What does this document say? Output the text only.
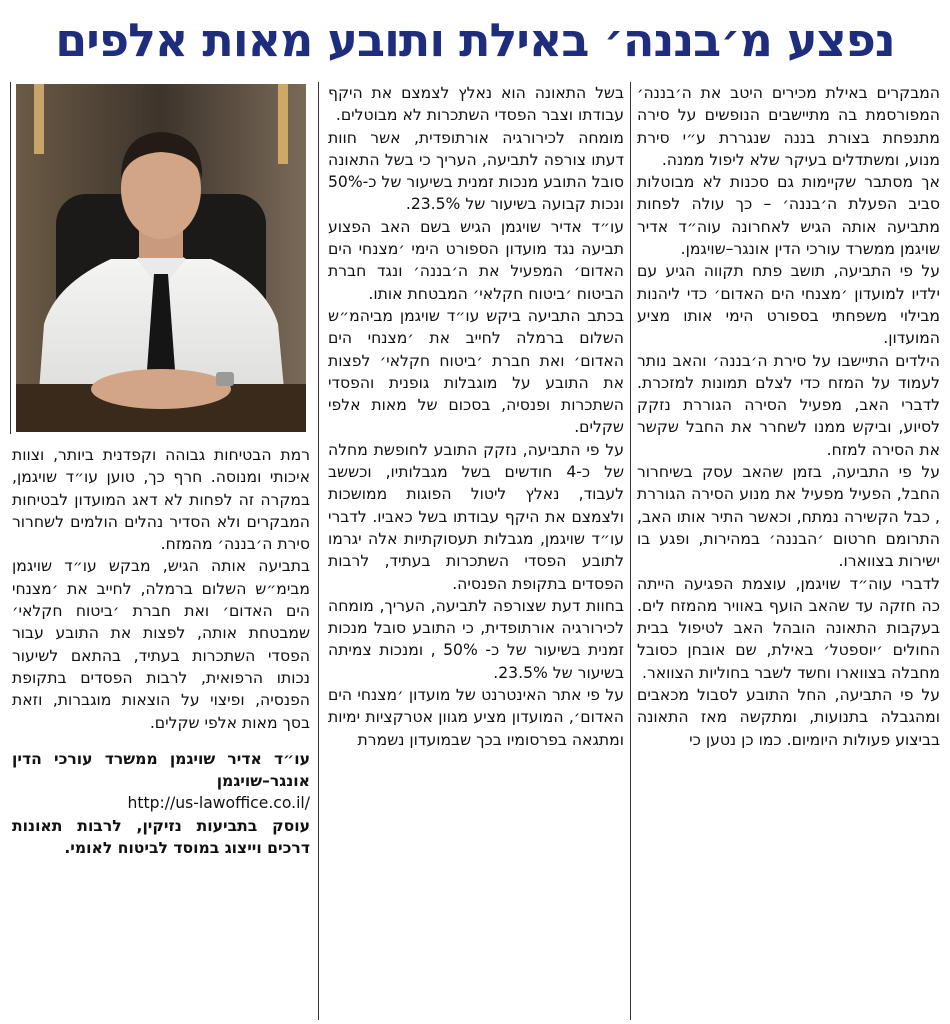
נפצע מ׳בננה׳ באילת ותובע מאות אלפים

המבקרים באילת מכירים היטב את ה׳בננה׳ המפורסמת בה מתיישבים הנופשים על סירה מתנפחת בצורת בננה שנגררת ע״י סירת מנוע, ומשתדלים בעיקר שלא ליפול ממנה.

אך מסתבר שקיימות גם סכנות לא מבוטלות סביב הפעלת ה׳בננה׳ – כך עולה לפחות מתביעה אותה הגיש לאחרונה עוה״ד אדיר שויגמן ממשרד עורכי הדין אונגר–שויגמן.

על פי התביעה, תושב פתח תקווה הגיע עם ילדיו למועדון ׳מצנחי הים האדום׳ כדי ליהנות מבילוי משפחתי בספורט הימי אותו מציע המועדון.

הילדים התיישבו על סירת ה׳בננה׳ והאב נותר לעמוד על המזח כדי לצלם תמונות למזכרת. לדברי האב, מפעיל הסירה הגוררת נזקק לסיוע, וביקש ממנו לשחרר את החבל שקשר את הסירה למזח.

על פי התביעה, בזמן שהאב עסק בשיחרור החבל, הפעיל מפעיל את מנוע הסירה הגוררת , כבל הקשירה נמתח, וכאשר התיר אותו האב, התרומם חרטום ׳הבננה׳ במהירות, ופגע בו ישירות בצווארו.

לדברי עוה״ד שויגמן, עוצמת הפגיעה הייתה כה חזקה עד שהאב הועף באוויר מהמזח לים. בעקבות התאונה הובהל האב לטיפול בבית החולים ׳יוספטל׳ באילת, שם אובחן כסובל מחבלה בצווארו וחשד לשבר בחוליות הצוואר.

על פי התביעה, החל התובע לסבול מכאבים ומהגבלה בתנועות, ומתקשה מאז התאונה בביצוע פעולות היומיום. כמו כן נטען כי

בשל התאונה הוא נאלץ לצמצם את היקף עבודתו וצבר הפסדי השתכרות לא מבוטלים.

מומחה לכירורגיה אורתופדית, אשר חוות דעתו צורפה לתביעה, העריך כי בשל התאונה סובל התובע מנכות זמנית בשיעור של כ-50% ונכות קבועה בשיעור של 23.5%.

עו״ד אדיר שויגמן הגיש בשם האב הפצוע תביעה נגד מועדון הספורט הימי ׳מצנחי הים האדום׳ המפעיל את ה׳בננה׳ ונגד חברת הביטוח ׳ביטוח חקלאי׳ המבטחת אותו.

בכתב התביעה ביקש עו״ד שויגמן מביהמ״ש השלום ברמלה לחייב את ׳מצנחי הים האדום׳ ואת חברת ׳ביטוח חקלאי׳ לפצות את התובע על מוגבלות גופנית והפסדי השתכרות ופנסיה, בסכום של מאות אלפי שקלים.

על פי התביעה, נזקק התובע לחופשת מחלה של כ-4 חודשים בשל מגבלותיו, וכששב לעבוד, נאלץ ליטול הפוגות ממושכות ולצמצם את היקף עבודתו בשל כאביו. לדברי עו״ד שויגמן, מגבלות תעסוקתיות אלה יגרמו לתובע הפסדי השתכרות בעתיד, לרבות הפסדים בתקופת הפנסיה.

בחוות דעת שצורפה לתביעה, העריך, מומחה לכירורגיה אורתופדית, כי התובע סובל מנכות זמנית בשיעור של כ- 50% , ומנכות צמיתה בשיעור של 23.5%.

על פי אתר האינטרנט של מועדון ׳מצנחי הים האדום׳, המועדון מציע מגוון אטרקציות ימיות ומתגאה בפרסומיו בכך שבמועדון נשמרת

רמת הבטיחות גבוהה וקפדנית ביותר, וצוות איכותי ומנוסה. חרף כך, טוען עו״ד שויגמן, במקרה זה לפחות לא דאג המועדון לבטיחות המבקרים ולא הסדיר נהלים הולמים לשחרור סירת ה׳בננה׳ מהמזח.

בתביעה אותה הגיש, מבקש עו״ד שויגמן מבימ״ש השלום ברמלה, לחייב את ׳מצנחי הים האדום׳ ואת חברת ׳ביטוח חקלאי׳ שמבטחת אותה, לפצות את התובע עבור הפסדי השתכרות בעתיד, בהתאם לשיעור נכותו הרפואית, לרבות הפסדים בתקופת הפנסיה, ופיצוי על הוצאות מוגברות, וזאת בסך מאות אלפי שקלים.

עו״ד אדיר שויגמן ממשרד עורכי הדין אונגר–שויגמן

http://us-lawoffice.co.il/

עוסק בתביעות נזיקין, לרבות תאונות דרכים וייצוג במוסד לביטוח לאומי.
